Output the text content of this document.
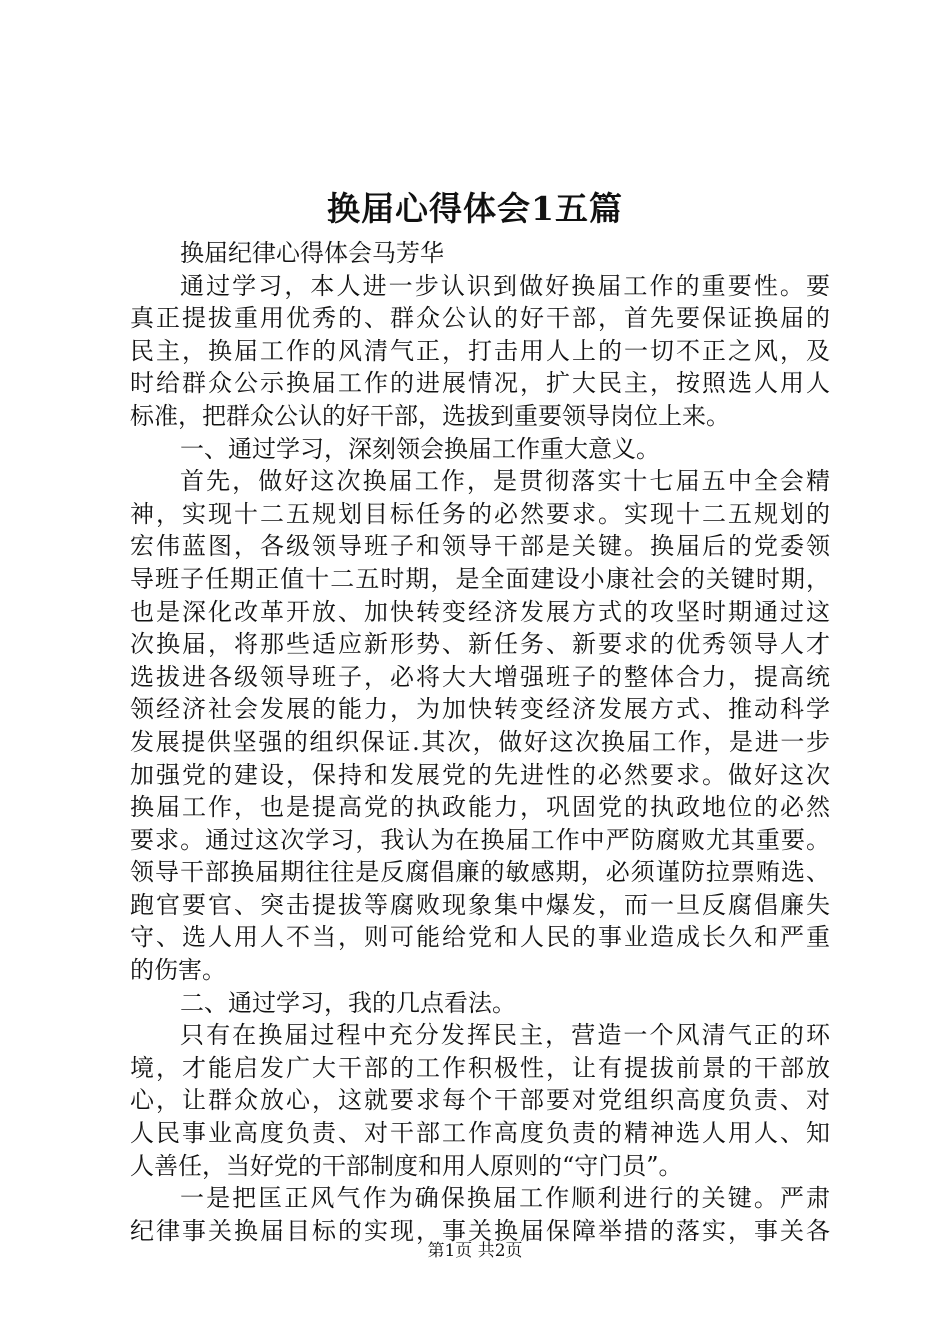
换届心得体会1五篇
换届纪律心得体会马芳华
通过学习，本人进一步认识到做好换届工作的重要性。要
真正提拔重用优秀的、群众公认的好干部，首先要保证换届的
民主，换届工作的风清气正，打击用人上的一切不正之风，及
时给群众公示换届工作的进展情况，扩大民主，按照选人用人
标准，把群众公认的好干部，选拔到重要领导岗位上来。
一、通过学习，深刻领会换届工作重大意义。
首先，做好这次换届工作，是贯彻落实十七届五中全会精
神，实现十二五规划目标任务的必然要求。实现十二五规划的
宏伟蓝图，各级领导班子和领导干部是关键。换届后的党委领
导班子任期正值十二五时期，是全面建设小康社会的关键时期，
也是深化改革开放、加快转变经济发展方式的攻坚时期通过这
次换届，将那些适应新形势、新任务、新要求的优秀领导人才
选拔进各级领导班子，必将大大增强班子的整体合力，提高统
领经济社会发展的能力，为加快转变经济发展方式、推动科学
发展提供坚强的组织保证.其次，做好这次换届工作，是进一步
加强党的建设，保持和发展党的先进性的必然要求。做好这次
换届工作，也是提高党的执政能力，巩固党的执政地位的必然
要求。通过这次学习，我认为在换届工作中严防腐败尤其重要。
领导干部换届期往往是反腐倡廉的敏感期，必须谨防拉票贿选、
跑官要官、突击提拔等腐败现象集中爆发，而一旦反腐倡廉失
守、选人用人不当，则可能给党和人民的事业造成长久和严重
的伤害。
二、通过学习，我的几点看法。
只有在换届过程中充分发挥民主，营造一个风清气正的环
境，才能启发广大干部的工作积极性，让有提拔前景的干部放
心，让群众放心，这就要求每个干部要对党组织高度负责、对
人民事业高度负责、对干部工作高度负责的精神选人用人、知
人善任，当好党的干部制度和用人原则的“守门员”。
一是把匡正风气作为确保换届工作顺利进行的关键。严肃
纪律事关换届目标的实现，事关换届保障举措的落实，事关各
第1页 共2页
